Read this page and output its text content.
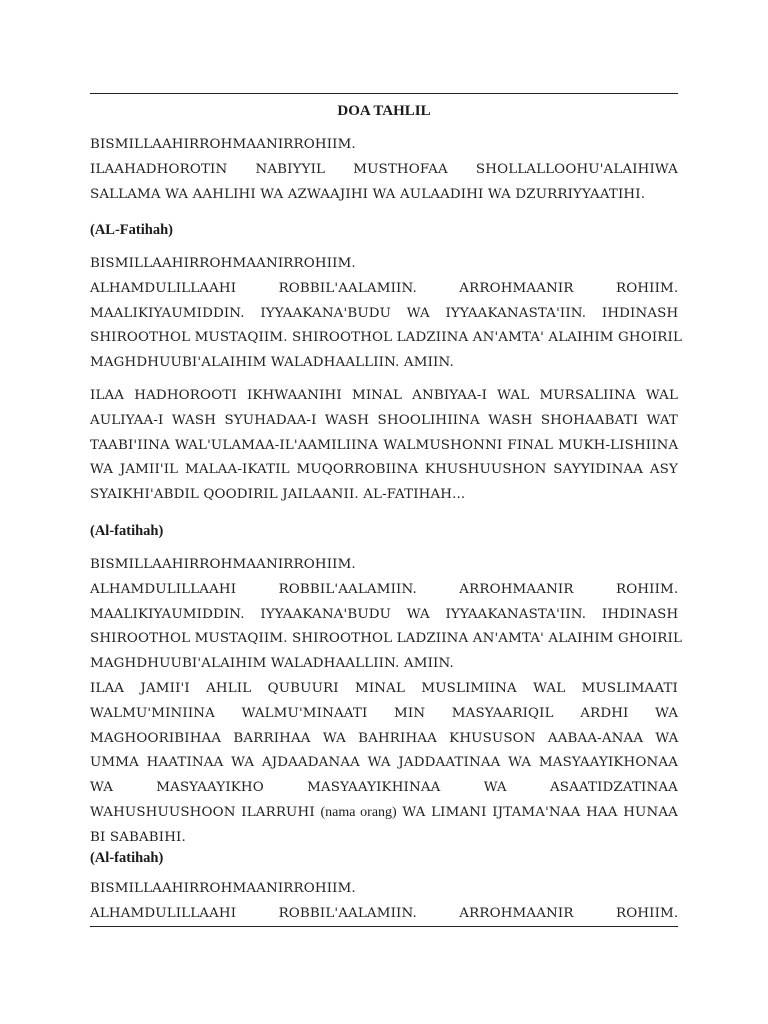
DOA TAHLIL
BISMILLAAHIRROHMAANIRROHIIM.
ILAAHADHOROTIN NABIYYIL MUSTHOFAA SHOLLALLOOHU'ALAIHIWA
SALLAMA WA AAHLIHI WA AZWAAJIHI WA AULAADIHI WA DZURRIYYAATIHI.
(AL-Fatihah)
BISMILLAAHIRROHMAANIRROHIIM.
ALHAMDULILLAAHI ROBBIL'AALAMIIN. ARROHMAANIR ROHIIM.
MAALIKIYAUMIDDIN. IYYAAKANA'BUDU WA IYYAAKANASTA'IIN. IHDINASH
SHIROOTHOL MUSTAQIIM. SHIROOTHOL LADZIINA AN'AMTA' ALAIHIM GHOIRIL
MAGHDHUUBI'ALAIHIM WALADHAALLIIN. AMIIN.
ILAA HADHOROOTI IKHWAANIHI MINAL ANBIYAA-I WAL MURSALIINA WAL
AULIYAA-I WASH SYUHADAA-I WASH SHOOLIHIINA WASH SHOHAABATI WAT
TAABI'IINA WAL'ULAMAA-IL'AAMILIINA WALMUSHONNI FINAL MUKH-LISHIINA
WA JAMII'IL MALAA-IKATIL MUQORROBIINA KHUSHUUSHON SAYYIDINAA ASY
SYAIKHI'ABDIL QOODIRIL JAILAANII. AL-FATIHAH...
(Al-fatihah)
BISMILLAAHIRROHMAANIRROHIIM.
ALHAMDULILLAAHI ROBBIL'AALAMIIN. ARROHMAANIR ROHIIM.
MAALIKIYAUMIDDIN. IYYAAKANA'BUDU WA IYYAAKANASTA'IIN. IHDINASH
SHIROOTHOL MUSTAQIIM. SHIROOTHOL LADZIINA AN'AMTA' ALAIHIM GHOIRIL
MAGHDHUUBI'ALAIHIM WALADHAALLIIN. AMIIN.
ILAA JAMII'I AHLIL QUBUURI MINAL MUSLIMIINA WAL MUSLIMAATI
WALMU'MINIINA WALMU'MINAATI MIN MASYAARIQIL ARDHI WA
MAGHOORIBIHAA BARRIHAA WA BAHRIHAA KHUSUSON AABAA-ANAA WA
UMMA HAATINAA WA AJDAADANAA WA JADDAATINAA WA MASYAAYIKHONAA
WA MASYAAYIKHO MASYAAYIKHINAA WA ASAATIDZATINAA
WAHUSHUUSHOON ILARRUHI (nama orang) WA LIMANI IJTAMA'NAA HAA HUNAA
BI SABABIHI.
(Al-fatihah)
BISMILLAAHIRROHMAANIRROHIIM.
ALHAMDULILLAAHI ROBBIL'AALAMIIN. ARROHMAANIR ROHIIM.
